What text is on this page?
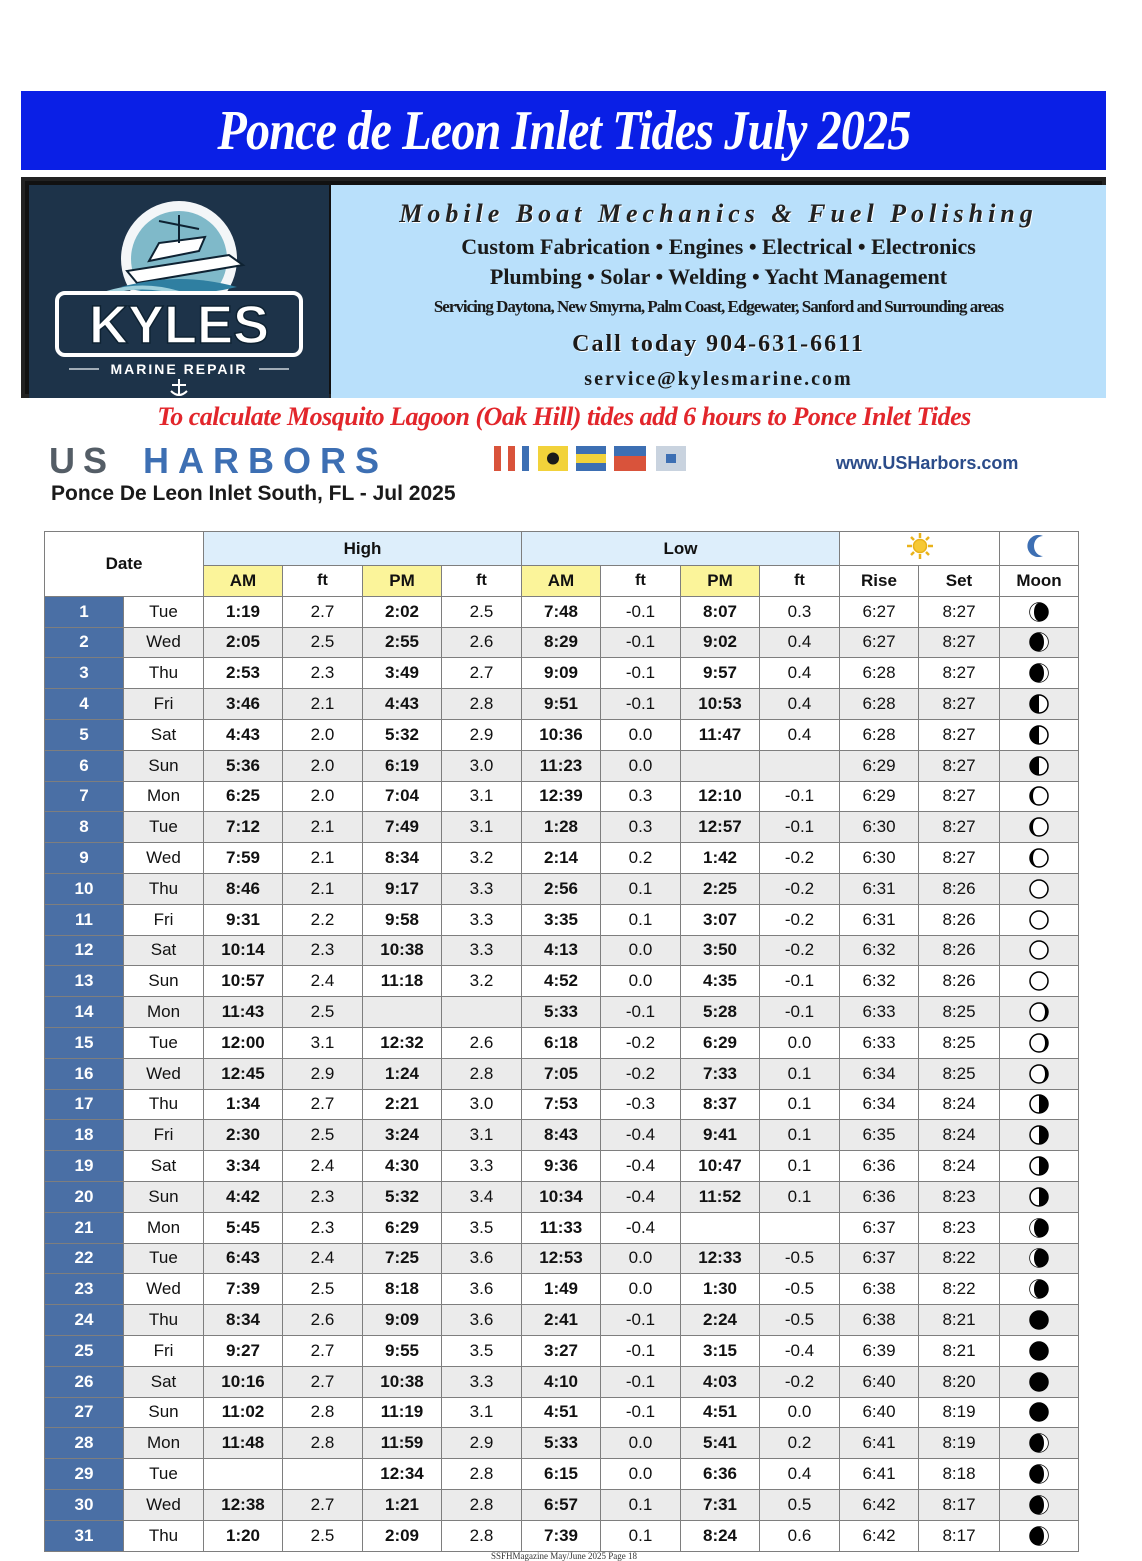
Ponce de Leon Inlet Tides July 2025
KYLES
MARINE REPAIR
Mobile Boat Mechanics & Fuel Polishing
Custom Fabrication • Engines • Electrical • Electronics
Plumbing • Solar • Welding • Yacht Management
Servicing Daytona, New Smyrna, Palm Coast, Edgewater, Sanford and Surrounding areas
Call today 904-631-6611
service@kylesmarine.com
To calculate Mosquito Lagoon (Oak Hill) tides add 6 hours to Ponce Inlet Tides
US HARBORS	www.USHarbors.com
Ponce De Leon Inlet South, FL - Jul 2025
Date		High				Low		
		AM	ft	PM	ft	AM	ft	PM	ft	Rise	Set	Moon
1	Tue	1:19	2.7	2:02	2.5	7:48	-0.1	8:07	0.3	6:27	8:27	
2	Wed	2:05	2.5	2:55	2.6	8:29	-0.1	9:02	0.4	6:27	8:27	
3	Thu	2:53	2.3	3:49	2.7	9:09	-0.1	9:57	0.4	6:28	8:27	
4	Fri	3:46	2.1	4:43	2.8	9:51	-0.1	10:53	0.4	6:28	8:27	
5	Sat	4:43	2.0	5:32	2.9	10:36	0.0	11:47	0.4	6:28	8:27	
6	Sun	5:36	2.0	6:19	3.0	11:23	0.0			6:29	8:27	
7	Mon	6:25	2.0	7:04	3.1	12:39	0.3	12:10	-0.1	6:29	8:27	
8	Tue	7:12	2.1	7:49	3.1	1:28	0.3	12:57	-0.1	6:30	8:27	
9	Wed	7:59	2.1	8:34	3.2	2:14	0.2	1:42	-0.2	6:30	8:27	
10	Thu	8:46	2.1	9:17	3.3	2:56	0.1	2:25	-0.2	6:31	8:26	
11	Fri	9:31	2.2	9:58	3.3	3:35	0.1	3:07	-0.2	6:31	8:26	
12	Sat	10:14	2.3	10:38	3.3	4:13	0.0	3:50	-0.2	6:32	8:26	
13	Sun	10:57	2.4	11:18	3.2	4:52	0.0	4:35	-0.1	6:32	8:26	
14	Mon	11:43	2.5			5:33	-0.1	5:28	-0.1	6:33	8:25	
15	Tue	12:00	3.1	12:32	2.6	6:18	-0.2	6:29	0.0	6:33	8:25	
16	Wed	12:45	2.9	1:24	2.8	7:05	-0.2	7:33	0.1	6:34	8:25	
17	Thu	1:34	2.7	2:21	3.0	7:53	-0.3	8:37	0.1	6:34	8:24	
18	Fri	2:30	2.5	3:24	3.1	8:43	-0.4	9:41	0.1	6:35	8:24	
19	Sat	3:34	2.4	4:30	3.3	9:36	-0.4	10:47	0.1	6:36	8:24	
20	Sun	4:42	2.3	5:32	3.4	10:34	-0.4	11:52	0.1	6:36	8:23	
21	Mon	5:45	2.3	6:29	3.5	11:33	-0.4			6:37	8:23	
22	Tue	6:43	2.4	7:25	3.6	12:53	0.0	12:33	-0.5	6:37	8:22	
23	Wed	7:39	2.5	8:18	3.6	1:49	0.0	1:30	-0.5	6:38	8:22	
24	Thu	8:34	2.6	9:09	3.6	2:41	-0.1	2:24	-0.5	6:38	8:21	
25	Fri	9:27	2.7	9:55	3.5	3:27	-0.1	3:15	-0.4	6:39	8:21	
26	Sat	10:16	2.7	10:38	3.3	4:10	-0.1	4:03	-0.2	6:40	8:20	
27	Sun	11:02	2.8	11:19	3.1	4:51	-0.1	4:51	0.0	6:40	8:19	
28	Mon	11:48	2.8	11:59	2.9	5:33	0.0	5:41	0.2	6:41	8:19	
29	Tue			12:34	2.8	6:15	0.0	6:36	0.4	6:41	8:18	
30	Wed	12:38	2.7	1:21	2.8	6:57	0.1	7:31	0.5	6:42	8:17	
31	Thu	1:20	2.5	2:09	2.8	7:39	0.1	8:24	0.6	6:42	8:17	
SSFHMagazine May/June 2025 Page 18
